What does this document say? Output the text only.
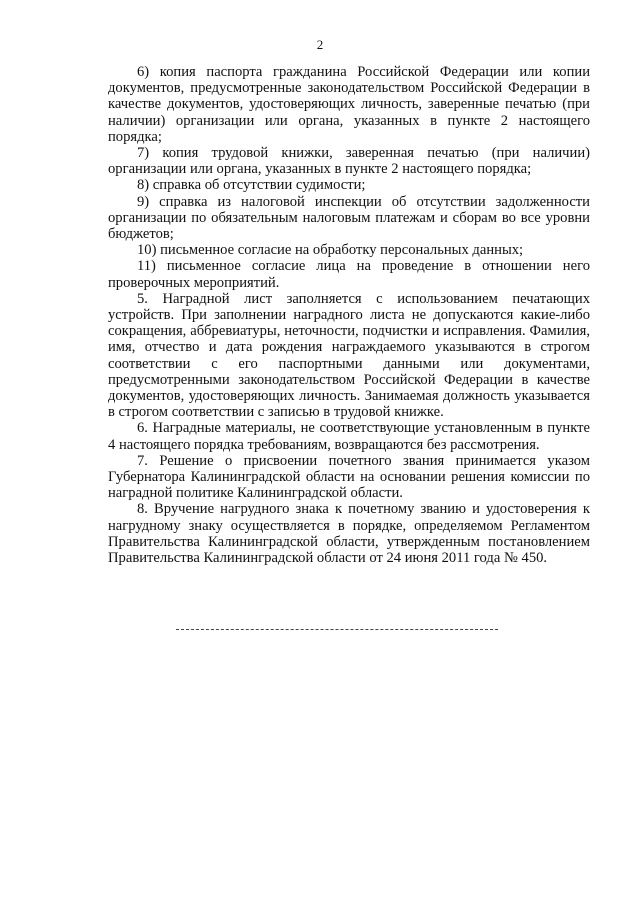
2

6) копия паспорта гражданина Российской Федерации или копии документов, предусмотренные законодательством Российской Федерации в качестве документов, удостоверяющих личность, заверенные печатью (при наличии) организации или органа, указанных в пункте 2 настоящего порядка;

7) копия трудовой книжки, заверенная печатью (при наличии) организации или органа, указанных в пункте 2 настоящего порядка;

8) справка об отсутствии судимости;

9) справка из налоговой инспекции об отсутствии задолженности организации по обязательным налоговым платежам и сборам во все уровни бюджетов;

10) письменное согласие на обработку персональных данных;

11) письменное согласие лица на проведение в отношении него проверочных мероприятий.

5. Наградной лист заполняется с использованием печатающих устройств. При заполнении наградного листа не допускаются какие-либо сокращения, аббревиатуры, неточности, подчистки и исправления. Фамилия, имя, отчество и дата рождения награждаемого указываются в строгом соответствии с его паспортными данными или документами, предусмотренными законодательством Российской Федерации в качестве документов, удостоверяющих личность. Занимаемая должность указывается в строгом соответствии с записью в трудовой книжке.

6. Наградные материалы, не соответствующие установленным в пункте 4 настоящего порядка требованиям, возвращаются без рассмотрения.

7. Решение о присвоении почетного звания принимается указом Губернатора Калининградской области на основании решения комиссии по наградной политике Калининградской области.

8. Вручение нагрудного знака к почетному званию и удостоверения к нагрудному знаку осуществляется в порядке, определяемом Регламентом Правительства Калининградской области, утвержденным постановлением Правительства Калининградской области от 24 июня 2011 года № 450.
